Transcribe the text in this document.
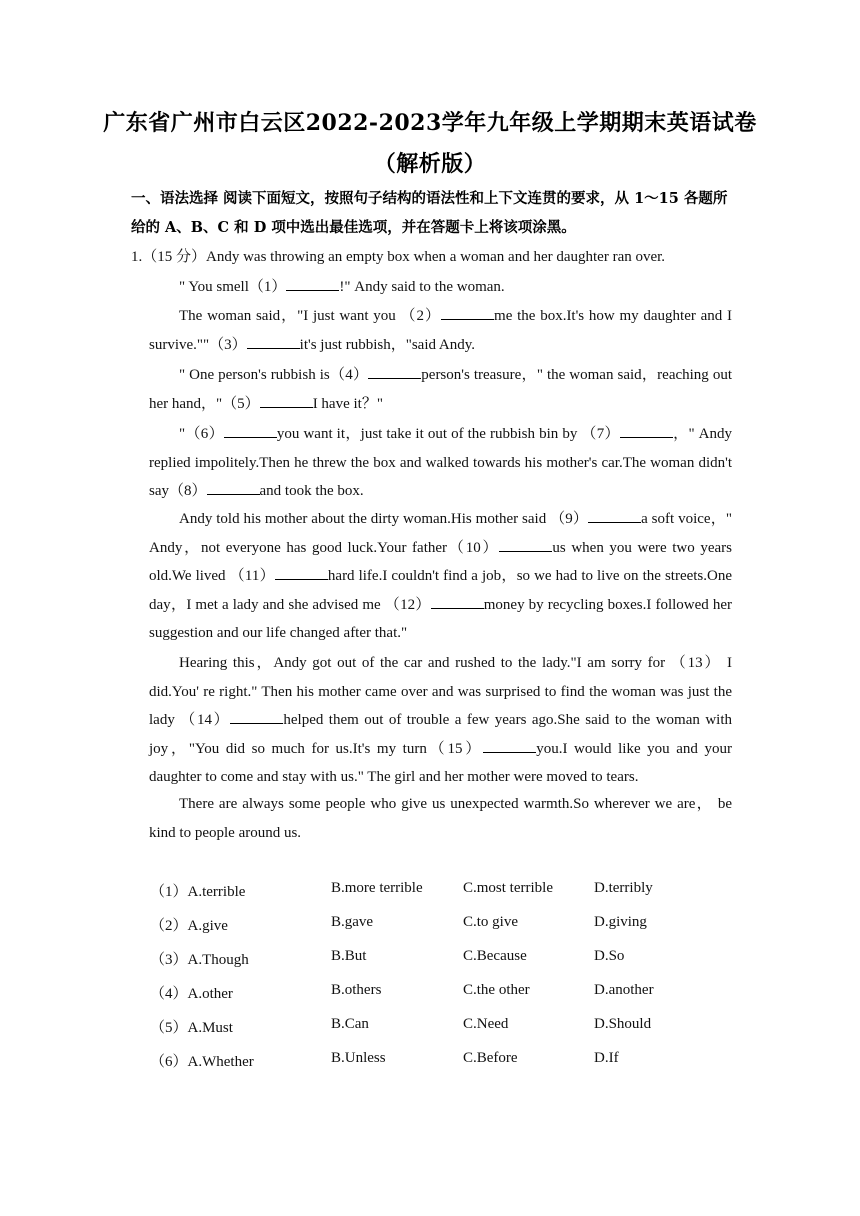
广东省广州市白云区2022-2023学年九年级上学期期末英语试卷
（解析版）
一、语法选择 阅读下面短文，按照句子结构的语法性和上下文连贯的要求，从 1～15 各题所给的 A、B、C 和 D 项中选出最佳选项，并在答题卡上将该项涂黑。
1.（15 分）Andy was throwing an empty box when a woman and her daughter ran over.
" You smell（1）	!" Andy said to the woman.
The woman said，"I just want you （2）	me the box.It's how my daughter and I survive.""（3）	it's just rubbish，"said Andy.
" One person's rubbish is（4）	person's treasure，" the woman said，reaching out her hand，"（5）	I have it？"
"（6）	you want it，just take it out of the rubbish bin by （7）	，" Andy replied impolitely.Then he threw the box and walked towards his mother's car.The woman didn't say（8）	and took the box.
Andy told his mother about the dirty woman.His mother said （9）	a soft voice，" Andy，not everyone has good luck.Your father（10）	us when you were two years old.We lived （11）	hard life.I couldn't find a job，so we had to live on the streets.One day，I met a lady and she advised me （12）	money by recycling boxes.I followed her suggestion and our life changed after that."
Hearing this，Andy got out of the car and rushed to the lady."I am sorry for （13） I did.You' re right." Then his mother came over and was surprised to find the woman was just the lady （14）	helped them out of trouble a few years ago.She said to the woman with joy，"You did so much for us.It's my turn（15）	you.I would like you and your daughter to come and stay with us." The girl and her mother were moved to tears.
There are always some people who give us unexpected warmth.So wherever we are， be kind to people around us.
（1）A.terrible	B.more terrible	C.most terrible	D.terribly
（2）A.give	B.gave	C.to give	D.giving
（3）A.Though	B.But	C.Because	D.So
（4）A.other	B.others	C.the other	D.another
（5）A.Must	B.Can	C.Need	D.Should
（6）A.Whether	B.Unless	C.Before	D.If
